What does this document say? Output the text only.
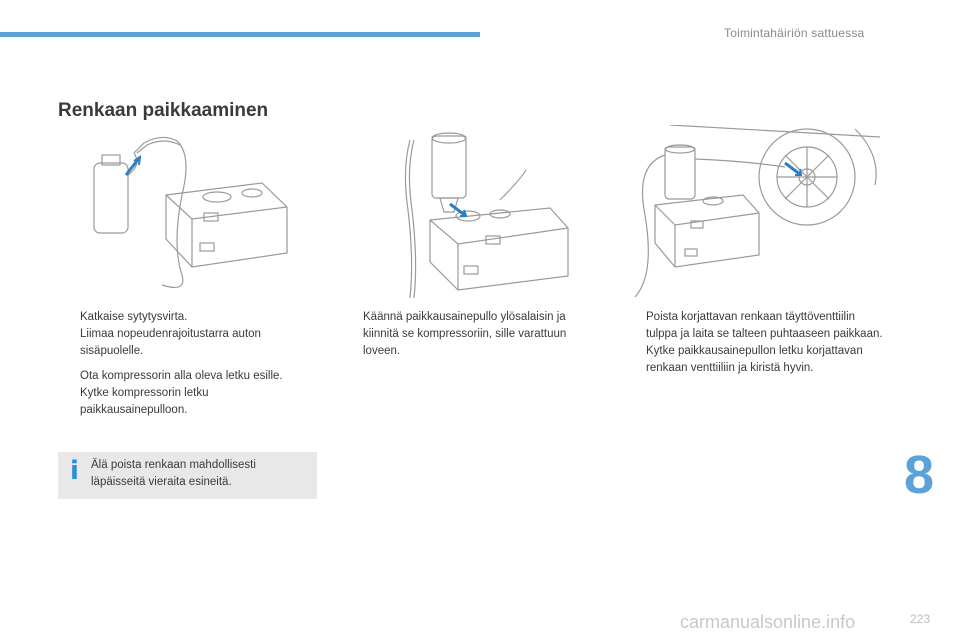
Toimintahäiriön sattuessa
Renkaan paikkaaminen
Katkaise sytytysvirta.
Liimaa nopeudenrajoitustarra auton sisäpuolelle.
Ota kompressorin alla oleva letku esille.
Kytke kompressorin letku paikkausainepulloon.
Käännä paikkausainepullo ylösalaisin ja kiinnitä se kompressoriin, sille varattuun loveen.
Poista korjattavan renkaan täyttöventtiilin tulppa ja laita se talteen puhtaaseen paikkaan.
Kytke paikkausainepullon letku korjattavan renkaan venttiiliin ja kiristä hyvin.
i Älä poista renkaan mahdollisesti läpäisseitä vieraita esineitä.	8
carmanualsonline.info	223
